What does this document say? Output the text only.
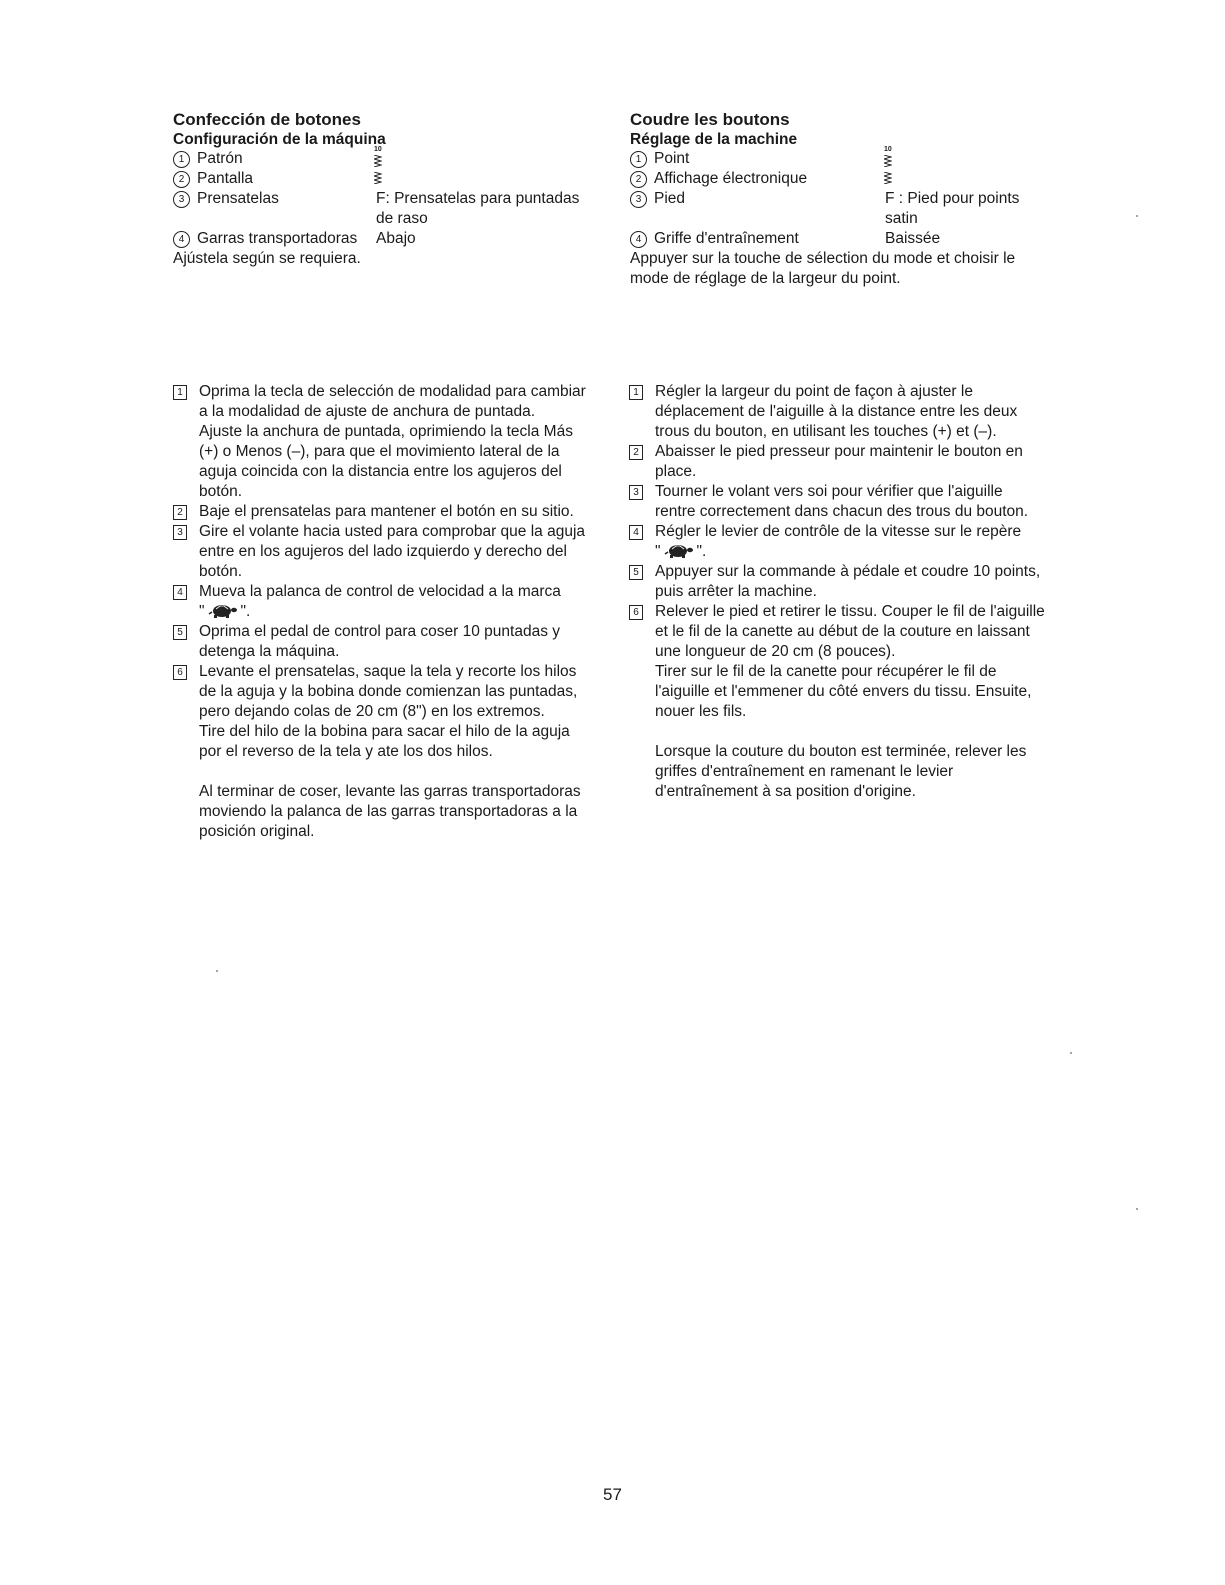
Confección de botones
Configuración de la máquina
1 Patrón
10
2 Pantalla
3 Prensatelas	F: Prensatelas para puntadas
de raso
4 Garras transportadoras Abajo
Ajústela según se requiera.
Coudre les boutons
Réglage de la machine
1 Point
10
2 Affichage électronique
3 Pied	F : Pied pour points
satin
4 Griffe d'entraînement	Baissée
Appuyer sur la touche de sélection du mode et choisir le
mode de réglage de la largeur du point.
1 Oprima la tecla de selección de modalidad para cambiar
a la modalidad de ajuste de anchura de puntada.
Ajuste la anchura de puntada, oprimiendo la tecla Más
(+) o Menos (–), para que el movimiento lateral de la
aguja coincida con la distancia entre los agujeros del
botón.
2 Baje el prensatelas para mantener el botón en su sitio.
3 Gire el volante hacia usted para comprobar que la aguja
entre en los agujeros del lado izquierdo y derecho del
botón.
4 Mueva la palanca de control de velocidad a la marca
" ".
5 Oprima el pedal de control para coser 10 puntadas y
detenga la máquina.
6 Levante el prensatelas, saque la tela y recorte los hilos
de la aguja y la bobina donde comienzan las puntadas,
pero dejando colas de 20 cm (8") en los extremos.
Tire del hilo de la bobina para sacar el hilo de la aguja
por el reverso de la tela y ate los dos hilos.
Al terminar de coser, levante las garras transportadoras
moviendo la palanca de las garras transportadoras a la
posición original.
1 Régler la largeur du point de façon à ajuster le
déplacement de l'aiguille à la distance entre les deux
trous du bouton, en utilisant les touches (+) et (–).
2 Abaisser le pied presseur pour maintenir le bouton en
place.
3 Tourner le volant vers soi pour vérifier que l'aiguille
rentre correctement dans chacun des trous du bouton.
4 Régler le levier de contrôle de la vitesse sur le repère
" ".
5 Appuyer sur la commande à pédale et coudre 10 points,
puis arrêter la machine.
6 Relever le pied et retirer le tissu. Couper le fil de l'aiguille
et le fil de la canette au début de la couture en laissant
une longueur de 20 cm (8 pouces).
Tirer sur le fil de la canette pour récupérer le fil de
l'aiguille et l'emmener du côté envers du tissu. Ensuite,
nouer les fils.
Lorsque la couture du bouton est terminée, relever les
griffes d'entraînement en ramenant le levier
d'entraînement à sa position d'origine.
57
